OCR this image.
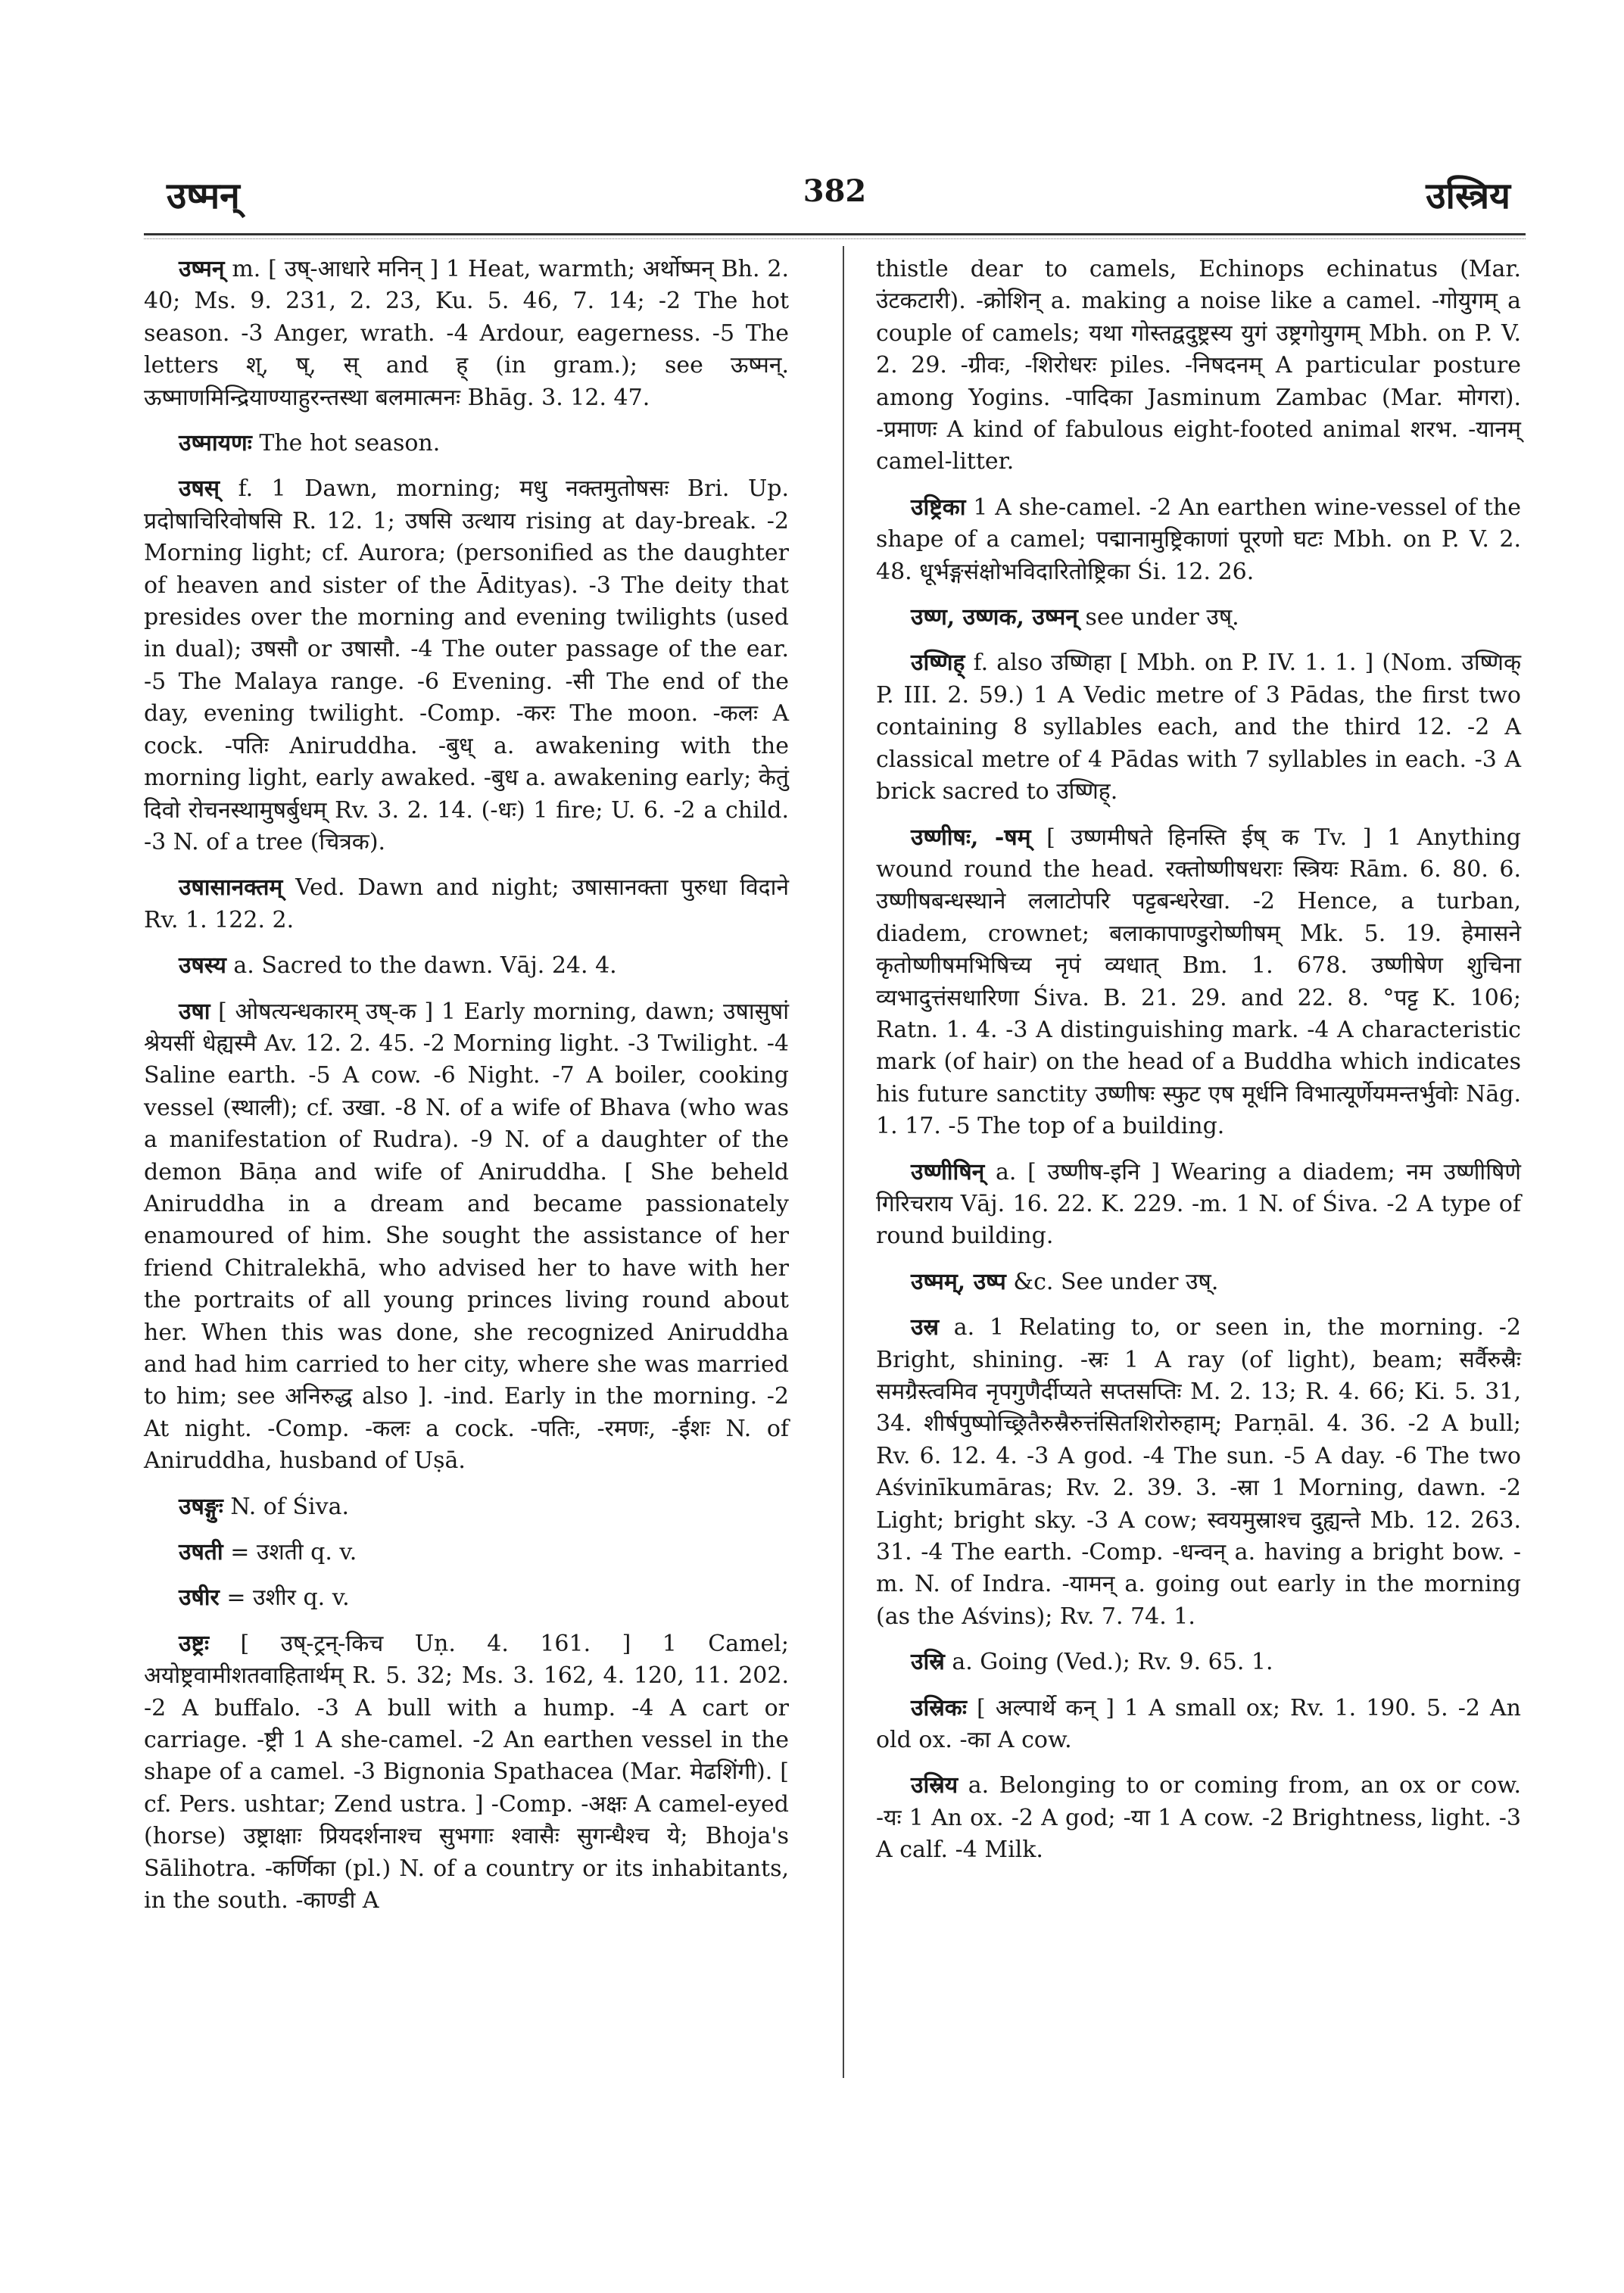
उष्मन्	382	उस्त्रिय

उष्मन् m. [ उष्-आधारे मनिन् ] 1 Heat, warmth; अर्थोष्मन् Bh. 2. 40; Ms. 9. 231, 2. 23, Ku. 5. 46, 7. 14; -2 The hot season. -3 Anger, wrath. -4 Ardour, eagerness. -5 The letters श्, ष्, स् and ह् (in gram.); see ऊष्मन्. ऊष्माणमिन्द्रियाण्याहुरन्तस्था बलमात्मनः Bhāg. 3. 12. 47.

उष्मायणः The hot season.

उषस् f. 1 Dawn, morning; मधु नक्तमुतोषसः Bri. Up. प्रदोषाचिरिवोषसि R. 12. 1; उषसि उत्थाय rising at day-break. -2 Morning light; cf. Aurora; (personified as the daughter of heaven and sister of the Ādityas). -3 The deity that presides over the morning and evening twilights (used in dual); उषसौ or उषासौ. -4 The outer passage of the ear. -5 The Malaya range. -6 Evening. -सी The end of the day, evening twilight. -Comp. -करः The moon. -कलः A cock. -पतिः Aniruddha. -बुध् a. awakening with the morning light, early awaked. -बुध a. awakening early; केतुं दिवो रोचनस्थामुषर्बुधम् Rv. 3. 2. 14. (-धः) 1 fire; U. 6. -2 a child. -3 N. of a tree (चित्रक).

उषासानक्तम् Ved. Dawn and night; उषासानक्ता पुरुधा विदाने Rv. 1. 122. 2.

उषस्य a. Sacred to the dawn. Vāj. 24. 4.

उषा [ ओषत्यन्धकारम् उष्-क ] 1 Early morning, dawn; उषासुषां श्रेयसीं धेह्यस्मै Av. 12. 2. 45. -2 Morning light. -3 Twilight. -4 Saline earth. -5 A cow. -6 Night. -7 A boiler, cooking vessel (स्थाली); cf. उखा. -8 N. of a wife of Bhava (who was a manifestation of Rudra). -9 N. of a daughter of the demon Bāṇa and wife of Aniruddha. [ She beheld Aniruddha in a dream and became passionately enamoured of him. She sought the assistance of her friend Chitralekhā, who advised her to have with her the portraits of all young princes living round about her. When this was done, she recognized Aniruddha and had him carried to her city, where she was married to him; see अनिरुद्ध also ]. -ind. Early in the morning. -2 At night. -Comp. -कलः a cock. -पतिः, -रमणः, -ईशः N. of Aniruddha, husband of Uṣā.

उषङ्गुः N. of Śiva.

उषती = उशती q. v.

उषीर = उशीर q. v.

उष्ट्रः [ उष्-ट्रन्-किच Uṇ. 4. 161. ] 1 Camel; अयोष्ट्रवामीशतवाहितार्थम् R. 5. 32; Ms. 3. 162, 4. 120, 11. 202. -2 A buffalo. -3 A bull with a hump. -4 A cart or carriage. -ष्ट्री 1 A she-camel. -2 An earthen vessel in the shape of a camel. -3 Bignonia Spathacea (Mar. मेढशिंगी). [ cf. Pers. ushtar; Zend ustra. ] -Comp. -अक्षः A camel-eyed (horse) उष्ट्राक्षाः प्रियदर्शनाश्च सुभगाः श्वासैः सुगन्धैश्च ये; Bhoja's Sālihotra. -कर्णिका (pl.) N. of a country or its inhabitants, in the south. -काण्डी A

thistle dear to camels, Echinops echinatus (Mar. उंटकटारी). -क्रोशिन् a. making a noise like a camel. -गोयुगम् a couple of camels; यथा गोस्तद्वदुष्ट्रस्य युगं उष्ट्रगोयुगम् Mbh. on P. V. 2. 29. -ग्रीवः, -शिरोधरः piles. -निषदनम् A particular posture among Yogins. -पादिका Jasminum Zambac (Mar. मोगरा). -प्रमाणः A kind of fabulous eight-footed animal शरभ. -यानम् camel-litter.

उष्ट्रिका 1 A she-camel. -2 An earthen wine-vessel of the shape of a camel; पद्मानामुष्ट्रिकाणां पूरणो घटः Mbh. on P. V. 2. 48. धूर्भङ्गसंक्षोभविदारितोष्ट्रिका Śi. 12. 26.

उष्ण, उष्णक, उष्मन् see under उष्.

उष्णिह् f. also उष्णिहा [ Mbh. on P. IV. 1. 1. ] (Nom. उष्णिक् P. III. 2. 59.) 1 A Vedic metre of 3 Pādas, the first two containing 8 syllables each, and the third 12. -2 A classical metre of 4 Pādas with 7 syllables in each. -3 A brick sacred to उष्णिह्.

उष्णीषः, -षम् [ उष्णमीषते हिनस्ति ईष् क Tv. ] 1 Anything wound round the head. रक्तोष्णीषधराः स्त्रियः Rām. 6. 80. 6. उष्णीषबन्धस्थाने ललाटोपरि पट्टबन्धरेखा. -2 Hence, a turban, diadem, crownet; बलाकापाण्डुरोष्णीषम् Mk. 5. 19. हेमासने कृतोष्णीषमभिषिच्य नृपं व्यधात् Bm. 1. 678. उष्णीषेण शुचिना व्यभादुत्तंसधारिणा Śiva. B. 21. 29. and 22. 8. °पट्ट K. 106; Ratn. 1. 4. -3 A distinguishing mark. -4 A characteristic mark (of hair) on the head of a Buddha which indicates his future sanctity उष्णीषः स्फुट एष मूर्धनि विभात्यूर्णेयमन्तर्भुवोः Nāg. 1. 17. -5 The top of a building.

उष्णीषिन् a. [ उष्णीष-इनि ] Wearing a diadem; नम उष्णीषिणे गिरिचराय Vāj. 16. 22. K. 229. -m. 1 N. of Śiva. -2 A type of round building.

उष्मम्, उष्प &c. See under उष्.

उस्र a. 1 Relating to, or seen in, the morning. -2 Bright, shining. -स्रः 1 A ray (of light), beam; सर्वैरुस्रैः समग्रैस्त्वमिव नृपगुणैर्दीप्यते सप्तसप्तिः M. 2. 13; R. 4. 66; Ki. 5. 31, 34. शीर्षपुष्पोच्छ्रितैरुस्रैरुत्तंसितशिरोरुहाम्; Parṇāl. 4. 36. -2 A bull; Rv. 6. 12. 4. -3 A god. -4 The sun. -5 A day. -6 The two Aśvinīkumāras; Rv. 2. 39. 3. -स्रा 1 Morning, dawn. -2 Light; bright sky. -3 A cow; स्वयमुस्राश्च दुह्यन्ते Mb. 12. 263. 31. -4 The earth. -Comp. -धन्वन् a. having a bright bow. -m. N. of Indra. -यामन् a. going out early in the morning (as the Aśvins); Rv. 7. 74. 1.

उस्रि a. Going (Ved.); Rv. 9. 65. 1.

उस्रिकः [ अल्पार्थे कन् ] 1 A small ox; Rv. 1. 190. 5. -2 An old ox. -का A cow.

उस्रिय a. Belonging to or coming from, an ox or cow. -यः 1 An ox. -2 A god; -या 1 A cow. -2 Brightness, light. -3 A calf. -4 Milk.
